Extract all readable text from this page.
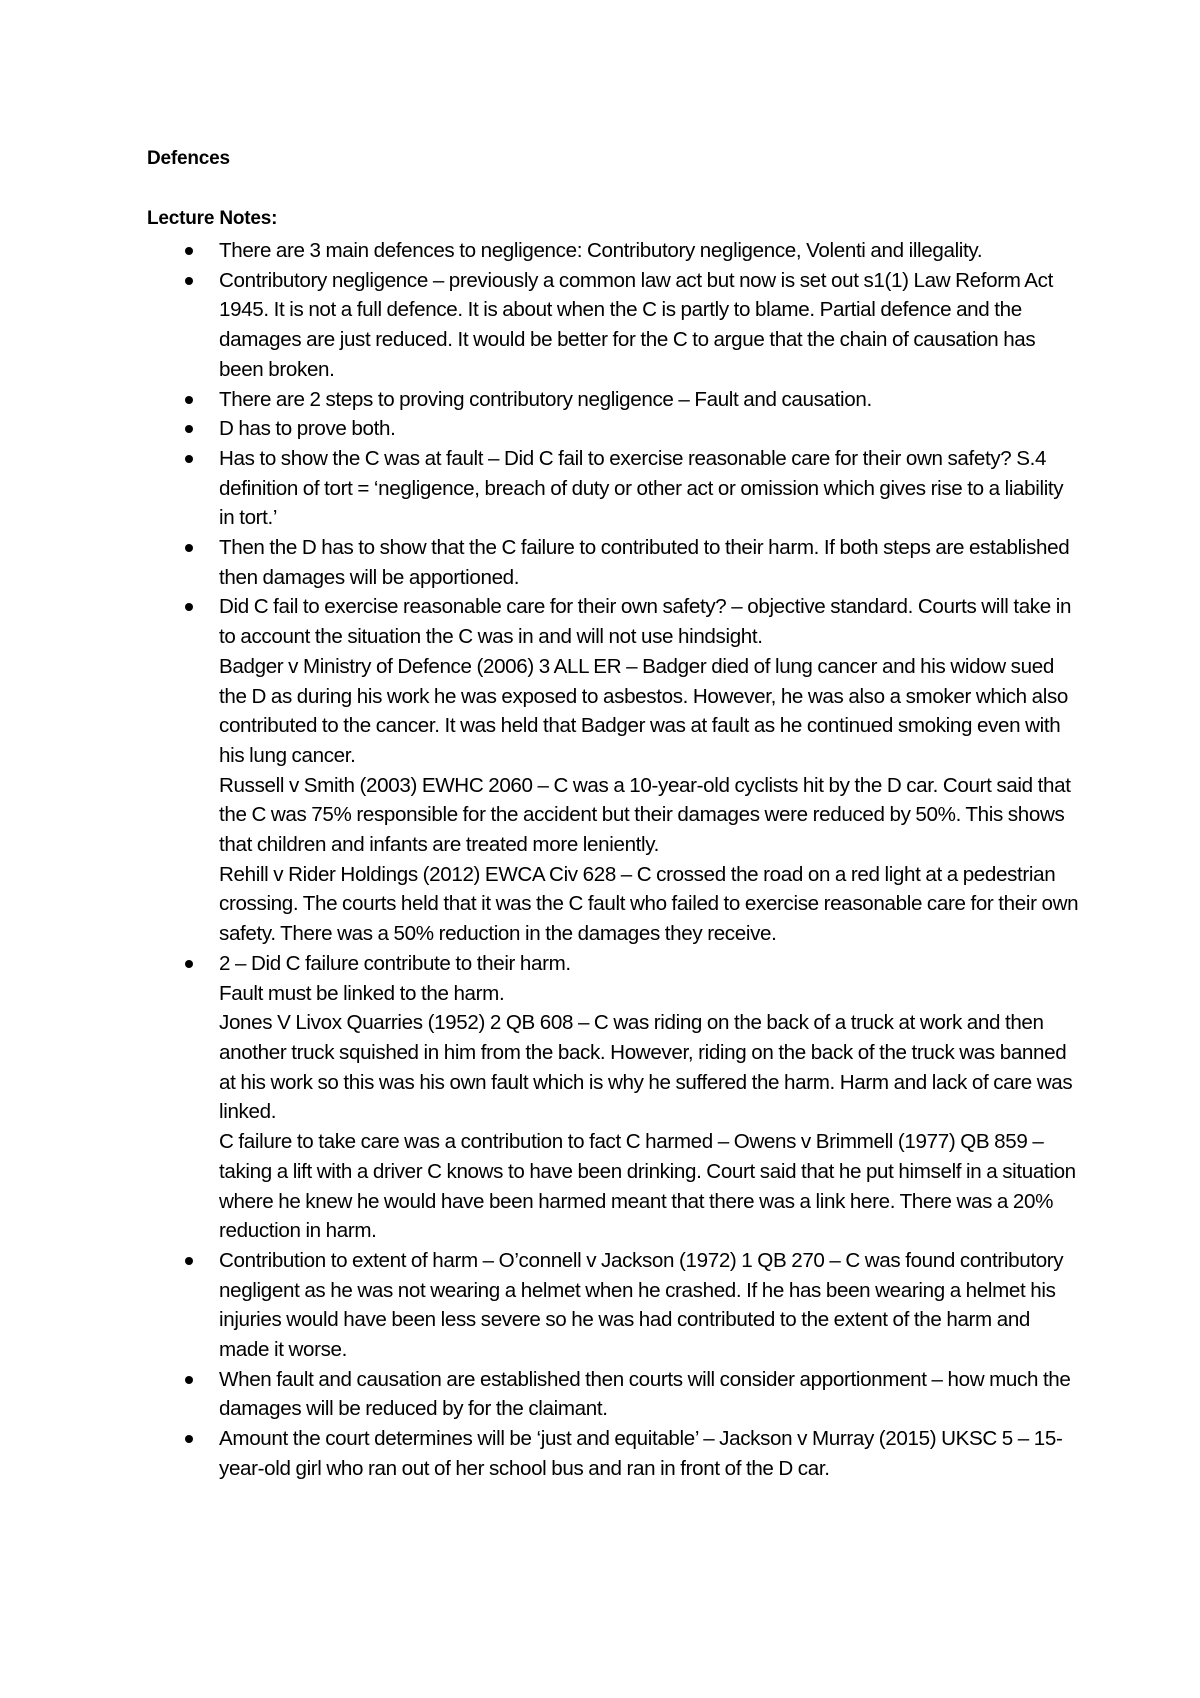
Defences
Lecture Notes:
There are 3 main defences to negligence: Contributory negligence, Volenti and illegality.
Contributory negligence – previously a common law act but now is set out s1(1) Law Reform Act 1945. It is not a full defence. It is about when the C is partly to blame. Partial defence and the damages are just reduced. It would be better for the C to argue that the chain of causation has been broken.
There are 2 steps to proving contributory negligence – Fault and causation.
D has to prove both.
Has to show the C was at fault – Did C fail to exercise reasonable care for their own safety? S.4 definition of tort = ‘negligence, breach of duty or other act or omission which gives rise to a liability in tort.’
Then the D has to show that the C failure to contributed to their harm. If both steps are established then damages will be apportioned.
Did C fail to exercise reasonable care for their own safety? – objective standard. Courts will take in to account the situation the C was in and will not use hindsight.
Badger v Ministry of Defence (2006) 3 ALL ER – Badger died of lung cancer and his widow sued the D as during his work he was exposed to asbestos. However, he was also a smoker which also contributed to the cancer. It was held that Badger was at fault as he continued smoking even with his lung cancer.
Russell v Smith (2003) EWHC 2060 – C was a 10-year-old cyclists hit by the D car. Court said that the C was 75% responsible for the accident but their damages were reduced by 50%. This shows that children and infants are treated more leniently.
Rehill v Rider Holdings (2012) EWCA Civ 628 – C crossed the road on a red light at a pedestrian crossing. The courts held that it was the C fault who failed to exercise reasonable care for their own safety. There was a 50% reduction in the damages they receive.
2 – Did C failure contribute to their harm.
Fault must be linked to the harm.
Jones V Livox Quarries (1952) 2 QB 608 – C was riding on the back of a truck at work and then another truck squished in him from the back. However, riding on the back of the truck was banned at his work so this was his own fault which is why he suffered the harm. Harm and lack of care was linked.
C failure to take care was a contribution to fact C harmed – Owens v Brimmell (1977) QB 859 – taking a lift with a driver C knows to have been drinking. Court said that he put himself in a situation where he knew he would have been harmed meant that there was a link here. There was a 20% reduction in harm.
Contribution to extent of harm – O’connell v Jackson (1972) 1 QB 270 – C was found contributory negligent as he was not wearing a helmet when he crashed. If he has been wearing a helmet his injuries would have been less severe so he was had contributed to the extent of the harm and made it worse.
When fault and causation are established then courts will consider apportionment – how much the damages will be reduced by for the claimant.
Amount the court determines will be ‘just and equitable’ – Jackson v Murray (2015) UKSC 5 – 15-year-old girl who ran out of her school bus and ran in front of the D car.
